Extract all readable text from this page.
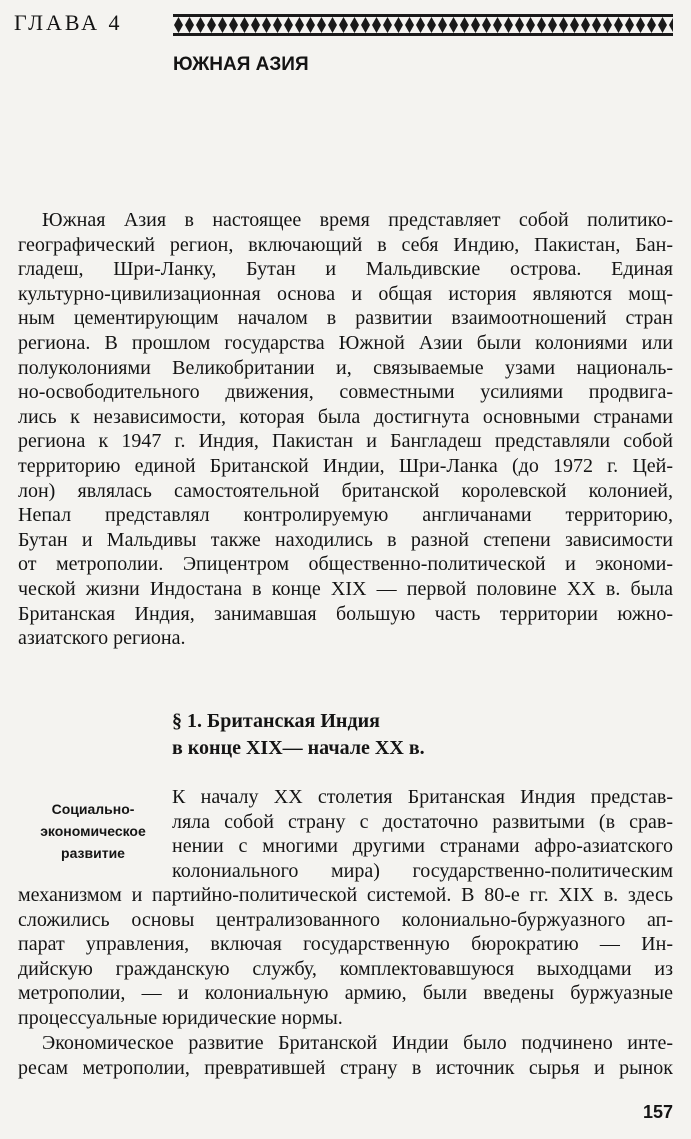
ГЛАВА 4
ЮЖНАЯ АЗИЯ
Южная Азия в настоящее время представляет собой политико-
географический регион, включающий в себя Индию, Пакистан, Бан-
гладеш, Шри-Ланку, Бутан и Мальдивские острова. Единая
культурно-цивилизационная основа и общая история являются мощ-
ным цементирующим началом в развитии взаимоотношений стран
региона. В прошлом государства Южной Азии были колониями или
полуколониями Великобритании и, связываемые узами националь-
но-освободительного движения, совместными усилиями продвига-
лись к независимости, которая была достигнута основными странами
региона к 1947 г. Индия, Пакистан и Бангладеш представляли собой
территорию единой Британской Индии, Шри-Ланка (до 1972 г. Цей-
лон) являлась самостоятельной британской королевской колонией,
Непал представлял контролируемую англичанами территорию,
Бутан и Мальдивы также находились в разной степени зависимости
от метрополии. Эпицентром общественно-политической и экономи-
ческой жизни Индостана в конце XIX — первой половине XX в. была
Британская Индия, занимавшая большую часть территории южно-
азиатского региона.
§ 1. Британская Индия
в конце XIX— начале XX в.
Социально-
экономическое
развитие
К началу XX столетия Британская Индия представ-
ляла собой страну с достаточно развитыми (в срав-
нении с многими другими странами афро-азиатского
колониального мира) государственно-политическим
механизмом и партийно-политической системой. В 80-е гг. XIX в. здесь
сложились основы централизованного колониально-буржуазного ап-
парат управления, включая государственную бюрократию — Ин-
дийскую гражданскую службу, комплектовавшуюся выходцами из
метрополии, — и колониальную армию, были введены буржуазные
процессуальные юридические нормы.
Экономическое развитие Британской Индии было подчинено инте-
ресам метрополии, превратившей страну в источник сырья и рынок
157
